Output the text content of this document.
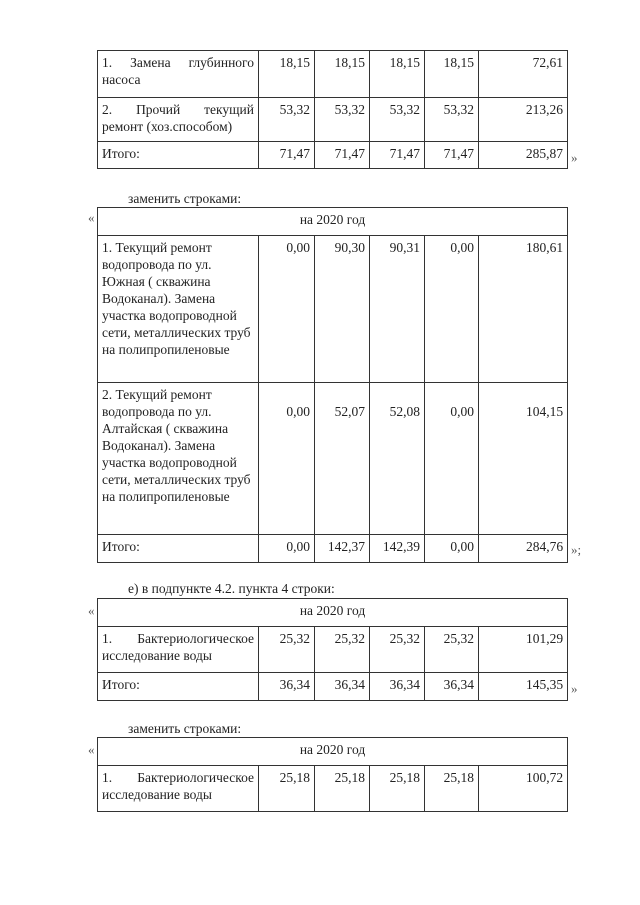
1. Замена глубинного насоса	18,15	18,15	18,15	18,15	72,61
2. Прочий текущий ремонт (хоз.способом)	53,32	53,32	53,32	53,32	213,26
Итого:	71,47	71,47	71,47	71,47	285,87 »
заменить строками:
«	на 2020 год					
1. Текущий ремонт водопровода по ул. Южная ( скважина Водоканал). Замена участка водопроводной сети, металлических труб на полипропиленовые	0,00	90,30	90,31	0,00	180,61
2. Текущий ремонт водопровода по ул. Алтайская ( скважина Водоканал). Замена участка водопроводной сети, металлических труб на полипропиленовые	0,00	52,07	52,08	0,00	104,15
Итого:	0,00	142,37	142,39	0,00	284,76 »;
е) в подпункте 4.2. пункта 4 строки:
«	на 2020 год					
1. Бактериологическое исследование воды	25,32	25,32	25,32	25,32	101,29
Итого:	36,34	36,34	36,34	36,34	145,35 »
заменить строками:
«	на 2020 год
1. Бактериологическое исследование воды	25,18	25,18	25,18	25,18	100,72
